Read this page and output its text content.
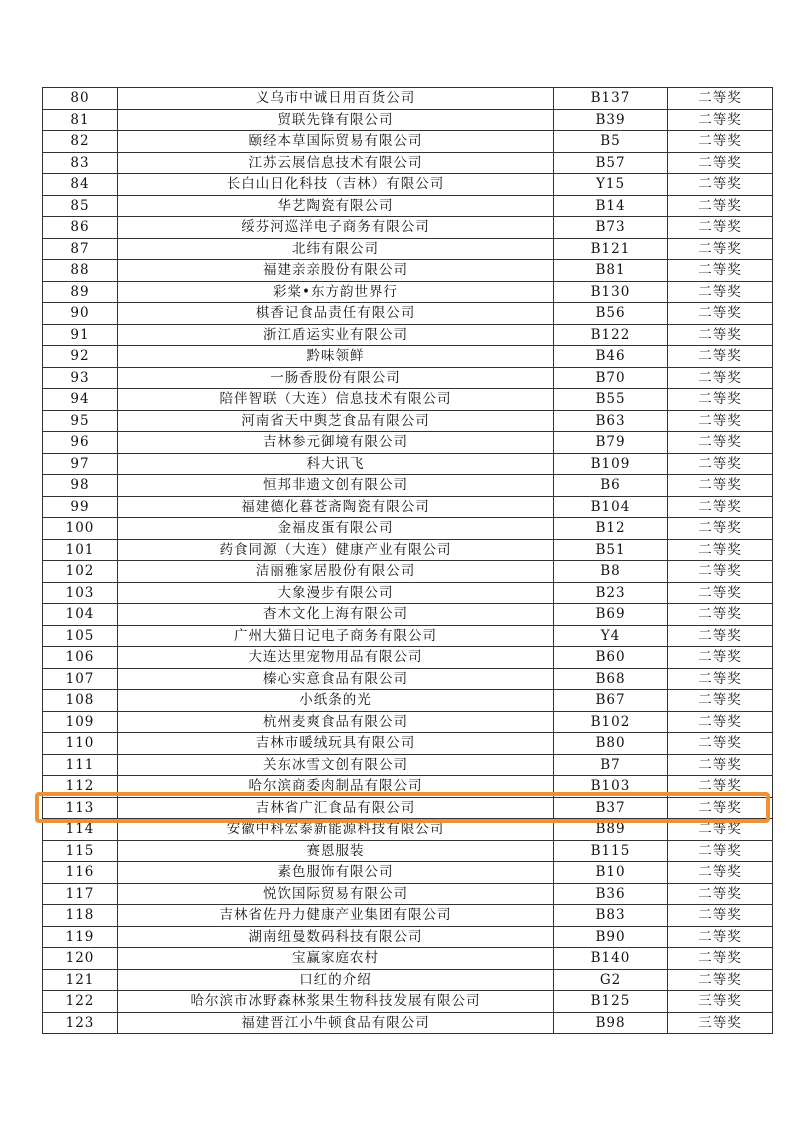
80	义乌市中诚日用百货公司	B137	二等奖
81	贸联先锋有限公司	B39	二等奖
82	颐经本草国际贸易有限公司	B5	二等奖
83	江苏云展信息技术有限公司	B57	二等奖
84	长白山日化科技（吉林）有限公司	Y15	二等奖
85	华艺陶瓷有限公司	B14	二等奖
86	绥芬河巡洋电子商务有限公司	B73	二等奖
87	北纬有限公司	B121	二等奖
88	福建亲亲股份有限公司	B81	二等奖
89	彩棠•东方韵世界行	B130	二等奖
90	棋香记食品责任有限公司	B56	二等奖
91	浙江盾运实业有限公司	B122	二等奖
92	黔味领鲜	B46	二等奖
93	一肠香股份有限公司	B70	二等奖
94	陪伴智联（大连）信息技术有限公司	B55	二等奖
95	河南省天中舆芝食品有限公司	B63	二等奖
96	吉林参元御境有限公司	B79	二等奖
97	科大讯飞	B109	二等奖
98	恒邦非遗文创有限公司	B6	二等奖
99	福建德化暮苍斋陶瓷有限公司	B104	二等奖
100	金福皮蛋有限公司	B12	二等奖
101	药食同源（大连）健康产业有限公司	B51	二等奖
102	洁丽雅家居股份有限公司	B8	二等奖
103	大象漫步有限公司	B23	二等奖
104	杳木文化上海有限公司	B69	二等奖
105	广州大猫日记电子商务有限公司	Y4	二等奖
106	大连达里宠物用品有限公司	B60	二等奖
107	榛心实意食品有限公司	B68	二等奖
108	小纸条的光	B67	二等奖
109	杭州麦爽食品有限公司	B102	二等奖
110	吉林市暖绒玩具有限公司	B80	二等奖
111	关东冰雪文创有限公司	B7	二等奖
112	哈尔滨商委肉制品有限公司	B103	二等奖
113	吉林省广汇食品有限公司	B37	二等奖
114	安徽中科宏泰新能源科技有限公司	B89	二等奖
115	赛恩服装	B115	二等奖
116	素色服饰有限公司	B10	二等奖
117	悦饮国际贸易有限公司	B36	二等奖
118	吉林省佐丹力健康产业集团有限公司	B83	二等奖
119	湖南纽曼数码科技有限公司	B90	二等奖
120	宝赢家庭农村	B140	二等奖
121	口红的介绍	G2	二等奖
122	哈尔滨市冰野森林浆果生物科技发展有限公司	B125	三等奖
123	福建晋江小牛顿食品有限公司	B98	三等奖
